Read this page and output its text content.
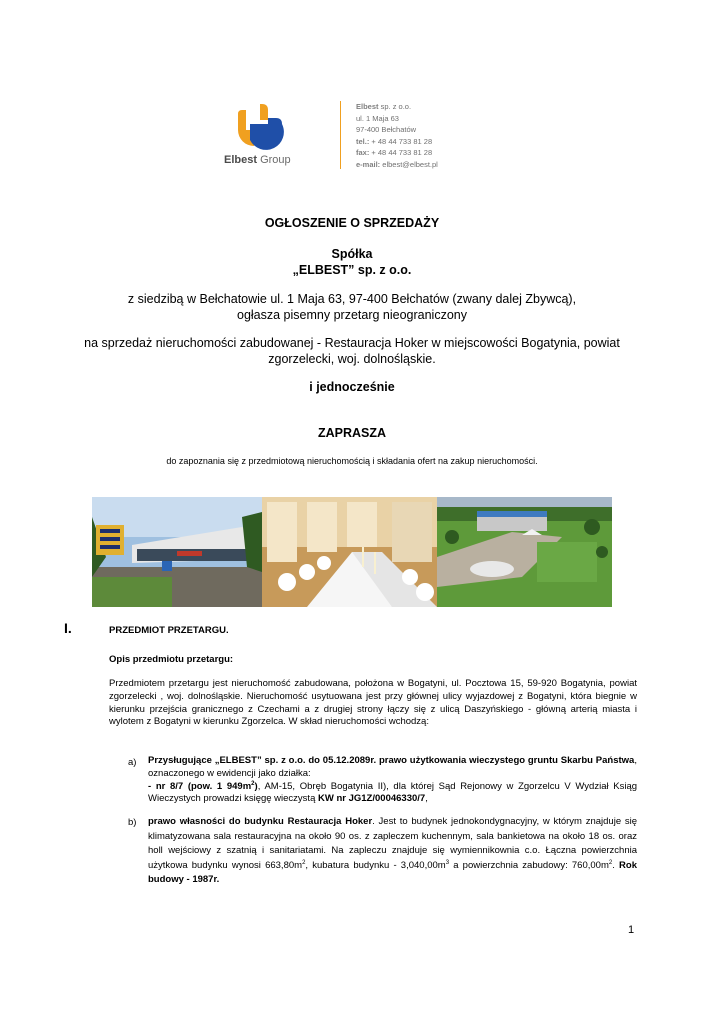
Elbest Group
Elbest sp. z o.o.
ul. 1 Maja 63
97-400 Bełchatów
tel.: + 48 44 733 81 28
fax: + 48 44 733 81 28
e-mail: elbest@elbest.pl
OGŁOSZENIE O SPRZEDAŻY
Spółka
„ELBEST” sp. z o.o.
z siedzibą w Bełchatowie ul. 1 Maja 63, 97-400 Bełchatów (zwany dalej Zbywcą),
ogłasza pisemny przetarg nieograniczony
na sprzedaż nieruchomości zabudowanej - Restauracja Hoker w miejscowości Bogatynia, powiat zgorzelecki, woj. dolnośląskie.
i jednocześnie
ZAPRASZA
do zapoznania się z przedmiotową nieruchomością i składania ofert na zakup nieruchomości.
I.	PRZEDMIOT PRZETARGU.
Opis przedmiotu przetargu:
Przedmiotem przetargu jest nieruchomość zabudowana, położona w Bogatyni, ul. Pocztowa 15, 59-920 Bogatynia, powiat zgorzelecki , woj. dolnośląskie. Nieruchomość usytuowana jest przy głównej ulicy wyjazdowej z Bogatyni, która biegnie w kierunku przejścia granicznego z Czechami a z drugiej strony łączy się z ulicą Daszyńskiego - główną arterią miasta i wylotem z Bogatyni w kierunku Zgorzelca. W skład nieruchomości wchodzą:
a) Przysługujące „ELBEST” sp. z o.o. do 05.12.2089r. prawo użytkowania wieczystego gruntu Skarbu Państwa, oznaczonego w ewidencji jako działka:
- nr 8/7 (pow. 1 $949m^2$), AM-15, Obręb Bogatynia II), dla której Sąd Rejonowy w Zgorzelcu V Wydział Ksiąg Wieczystych prowadzi księgę wieczystą KW nr JG1Z/00046330/7,
b) prawo własności do budynku Restauracja Hoker. Jest to budynek jednokondygnacyjny, w którym znajduje się klimatyzowana sala restauracyjna na około 90 os. z zapleczem kuchennym, sala bankietowa na około 18 os. oraz holl wejściowy z szatnią i sanitariatami. Na zapleczu znajduje się wymiennikownia c.o. Łączna powierzchnia użytkowa budynku wynosi $663,80m^2$, kubatura budynku - $3,040,00m^3$ a powierzchnia zabudowy: $760,00m^2$. Rok budowy - 1987r.
1
